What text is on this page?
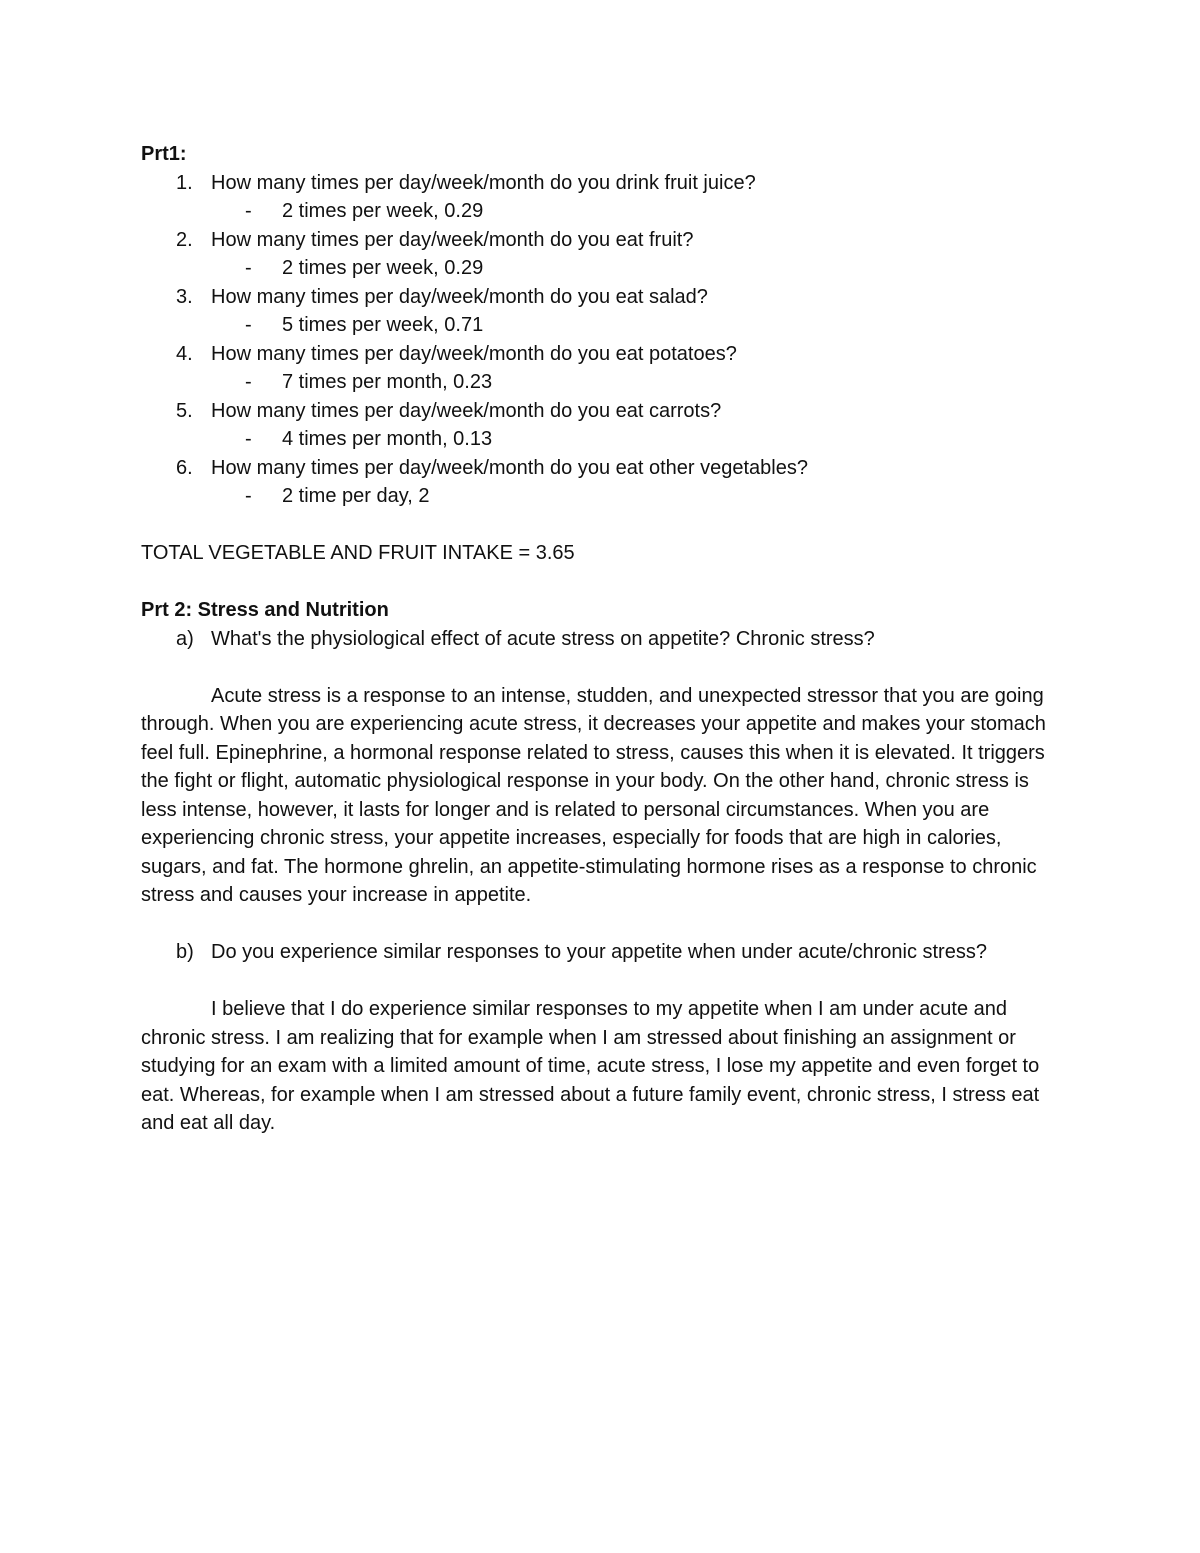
Prt1:

1. How many times per day/week/month do you drink fruit juice?
-	2 times per week, 0.29
2. How many times per day/week/month do you eat fruit?
-	2 times per week, 0.29
3. How many times per day/week/month do you eat salad?
-	5 times per week, 0.71
4. How many times per day/week/month do you eat potatoes?
-	7 times per month, 0.23
5. How many times per day/week/month do you eat carrots?
-	4 times per month, 0.13
6. How many times per day/week/month do you eat other vegetables?
-	2 time per day, 2

TOTAL VEGETABLE AND FRUIT INTAKE = 3.65

Prt 2: Stress and Nutrition

a) What's the physiological effect of acute stress on appetite? Chronic stress?

Acute stress is a response to an intense, studden, and unexpected stressor that you are going through. When you are experiencing acute stress, it decreases your appetite and makes your stomach feel full. Epinephrine, a hormonal response related to stress, causes this when it is elevated. It triggers the fight or flight, automatic physiological response in your body. On the other hand, chronic stress is less intense, however, it lasts for longer and is related to personal circumstances. When you are experiencing chronic stress, your appetite increases, especially for foods that are high in calories, sugars, and fat. The hormone ghrelin, an appetite-stimulating hormone rises as a response to chronic stress and causes your increase in appetite.

b) Do you experience similar responses to your appetite when under acute/chronic stress?

I believe that I do experience similar responses to my appetite when I am under acute and chronic stress. I am realizing that for example when I am stressed about finishing an assignment or studying for an exam with a limited amount of time, acute stress, I lose my appetite and even forget to eat. Whereas, for example when I am stressed about a future family event, chronic stress, I stress eat and eat all day.
